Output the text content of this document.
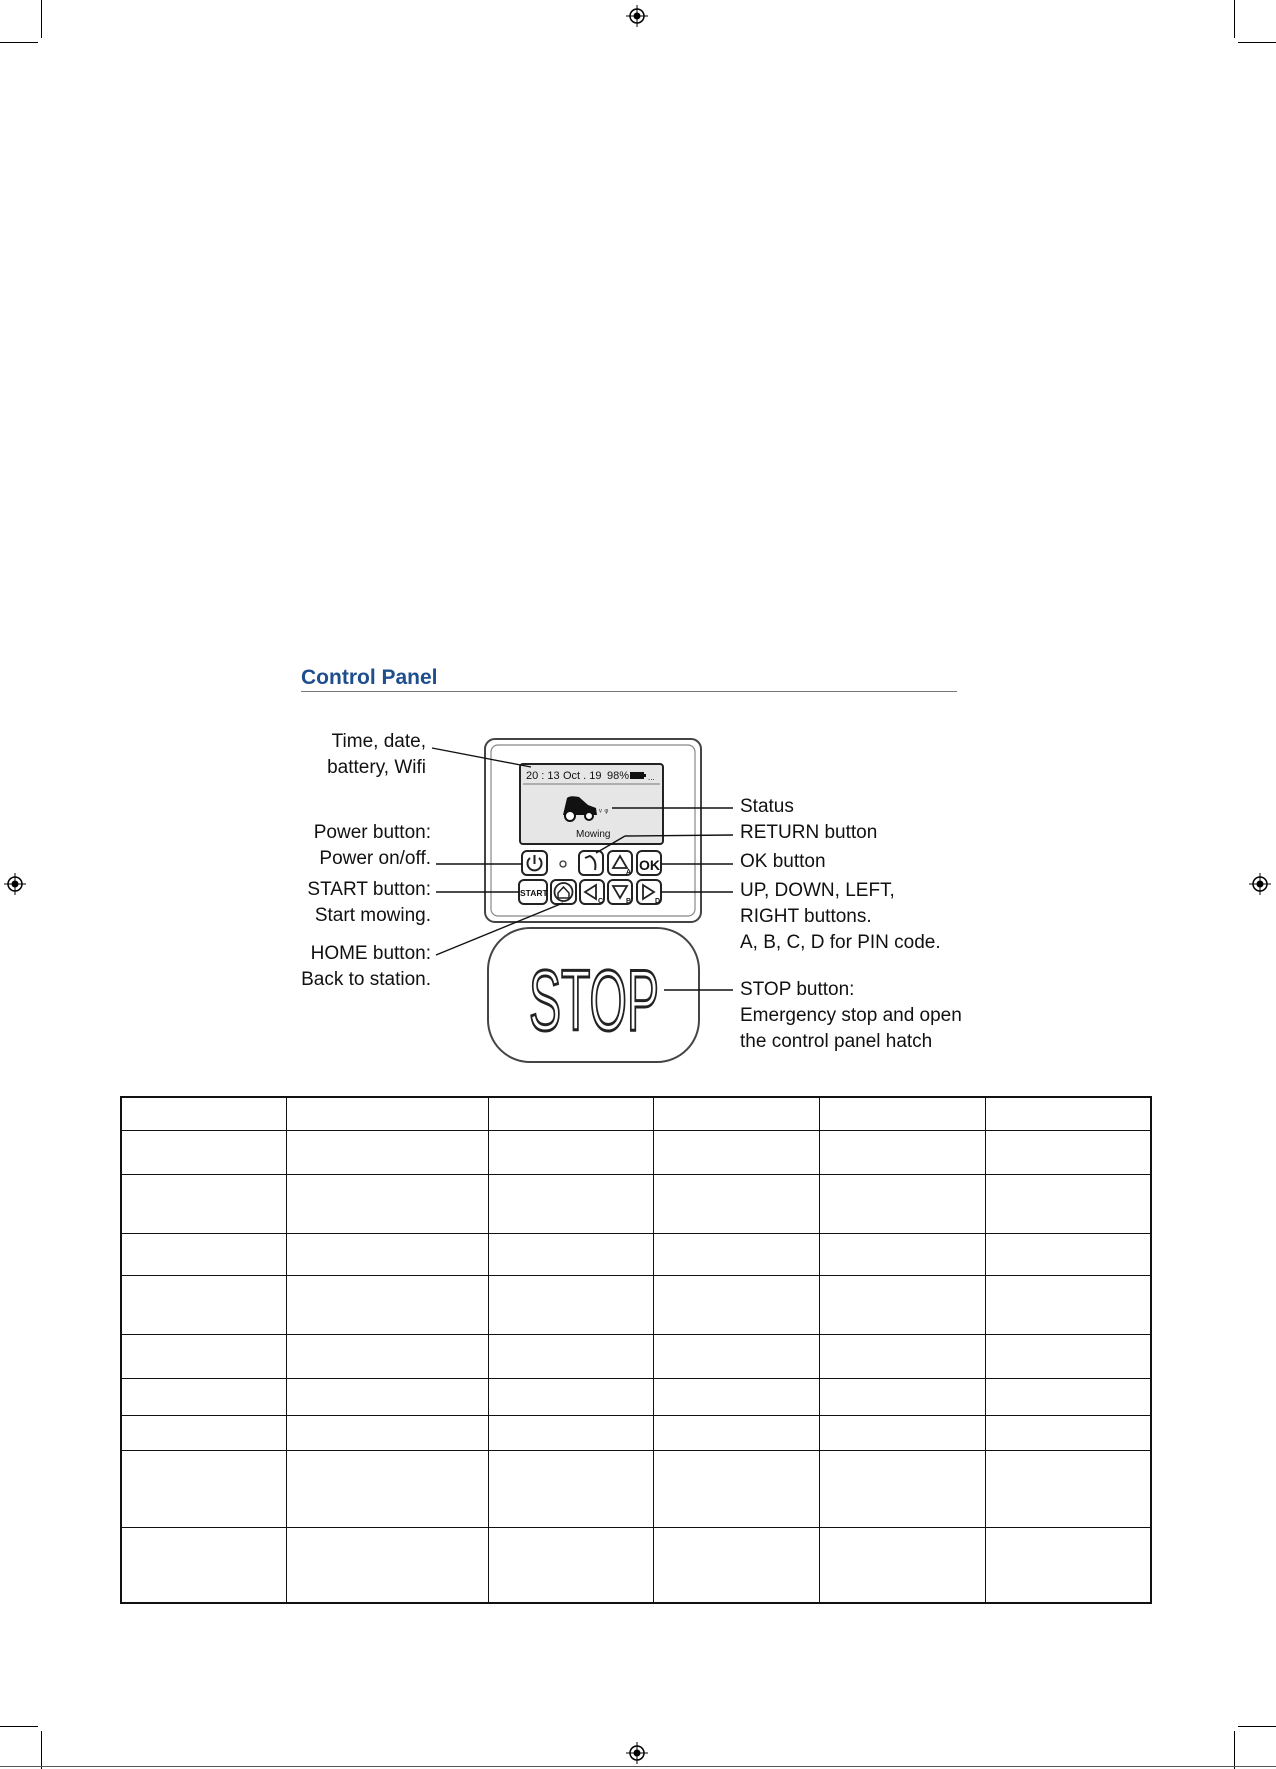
Control Panel
20 : 13 Oct . 19 98% ...
ᵥ ᵩ
Mowing
A OK
START
C	B	D
STOP
Time, date,
battery, Wifi
Power button:
Power on/off.
START button:
Start mowing.
HOME button:
Back to station.
Status
RETURN button
OK button
UP, DOWN, LEFT,
RIGHT buttons.
A, B, C, D for PIN code.
STOP button:
Emergency stop and open
the control panel hatch
